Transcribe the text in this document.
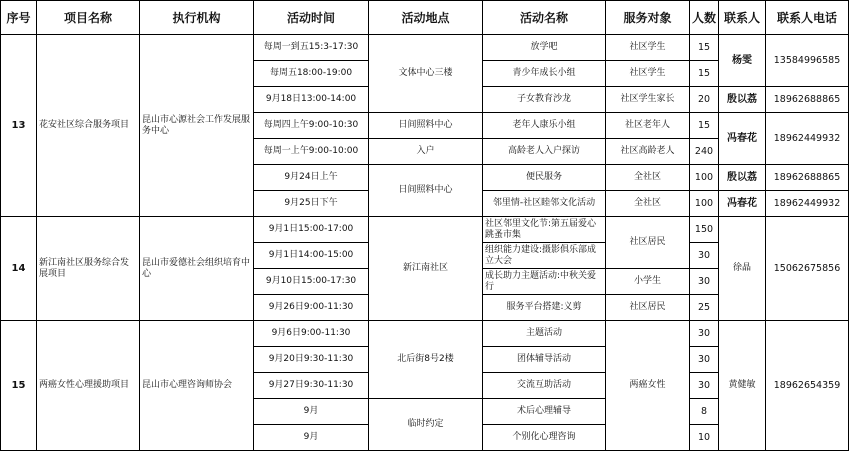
序号	项目名称	执行机构	活动时间	活动地点	活动名称	服务对象	人数	联系人	联系人电话
13	花安社区综合服务项目	昆山市心源社会工作发展服务中心	每周一到五15:3-17:30	文体中心三楼	放学吧	社区学生	15	杨雯	13584996585
			每周五18:00-19:00		青少年成长小组	社区学生	15		
			9月18日13:00-14:00		子女教育沙龙	社区学生家长	20	殷以荔	18962688865
			每周四上午9:00-10:30	日间照料中心	老年人康乐小组	社区老年人	15	冯春花	18962449932
			每周一上午9:00-10:00	入户	高龄老人入户探访	社区高龄老人	240		
			9月24日上午	日间照料中心	便民服务	全社区	100	殷以荔	18962688865
			9月25日下午		邻里情-社区睦邻文化活动	全社区	100	冯春花	18962449932
14	新江南社区服务综合发展项目	昆山市爱德社会组织培育中心	9月1日15:00-17:00	新江南社区	社区邻里文化节:第五届爱心跳蚤市集	社区居民	150	徐晶	15062675856
			9月1日14:00-15:00		组织能力建设:摄影俱乐部成立大会		30		
			9月10日15:00-17:30		成长助力主题活动:中秋关爱行	小学生	30		
			9月26日9:00-11:30		服务平台搭建:义剪	社区居民	25		
15	两癌女性心理援助项目	昆山市心理咨询师协会	9月6日9:00-11:30	北后街8号2楼	主题活动	两癌女性	30	黄健敏	18962654359
			9月20日9:30-11:30		团体辅导活动		30		
			9月27日9:30-11:30		交流互助活动		30		
			9月	临时约定	术后心理辅导		8		
			9月		个别化心理咨询		10		
